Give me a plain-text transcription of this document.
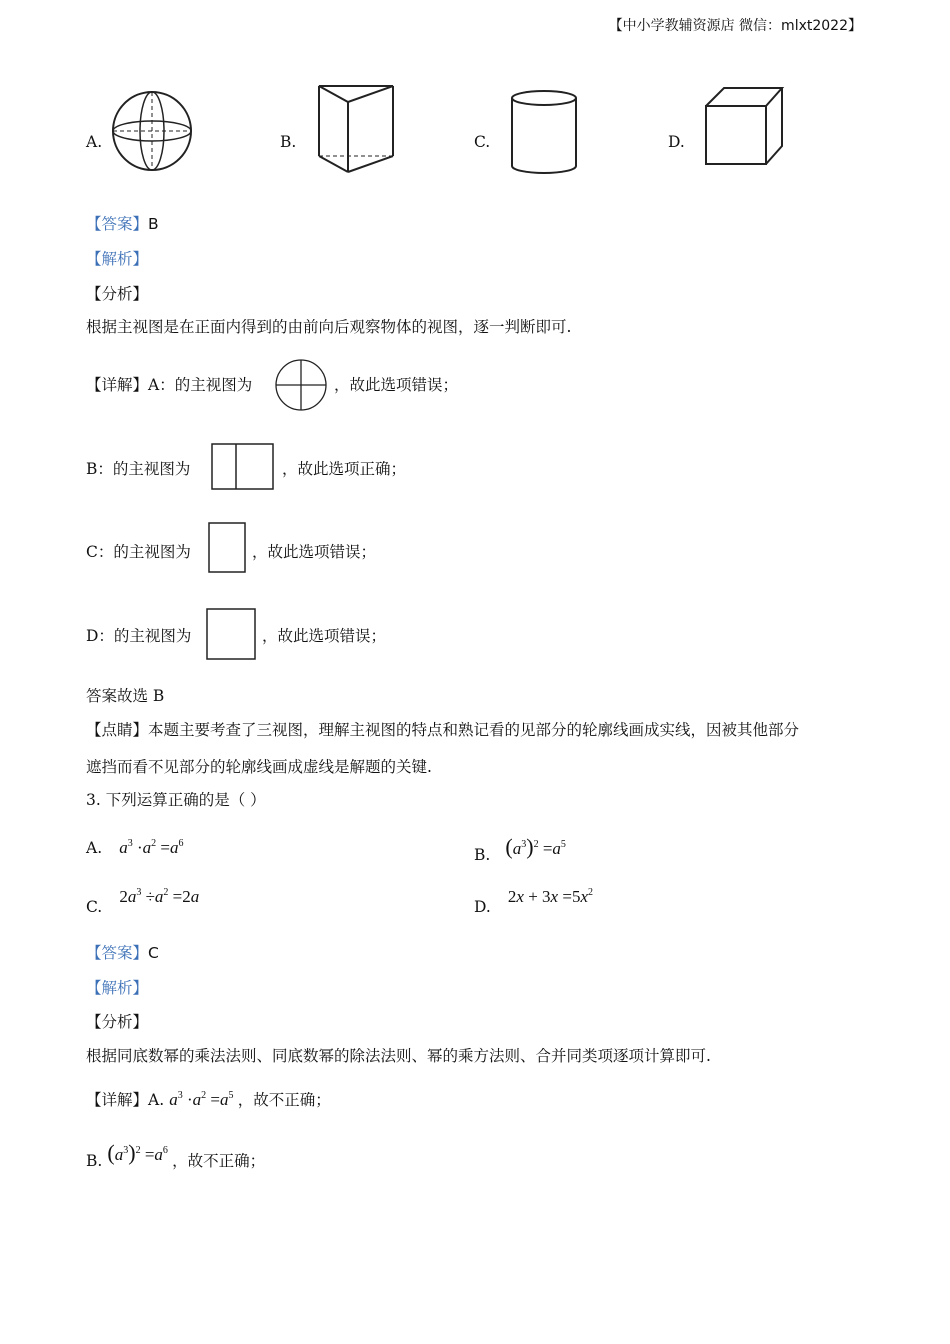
【中小学教辅资源店 微信：mlxt2022】
A.	B.	C.	D.
【答案】B
【解析】
【分析】
根据主视图是在正面内得到的由前向后观察物体的视图，逐一判断即可.
【详解】A：的主视图为	，故此选项错误；
B：的主视图为	，故此选项正确；
C：的主视图为	，故此选项错误；
D：的主视图为	，故此选项错误；
答案故选 B
【点睛】本题主要考查了三视图，理解主视图的特点和熟记看的见部分的轮廓线画成实线，因被其他部分
遮挡而看不见部分的轮廓线画成虚线是解题的关键.
3. 下列运算正确的是（ ）
A. $a^3 \cdot a^2 =a^6$
B. $(a^3)^2 =a^5$
C. $2a^3 \div a^2 =2a$
D. $2x + 3x =5x^2$
【答案】C
【解析】
【分析】
根据同底数幂的乘法法则、同底数幂的除法法则、幂的乘方法则、合并同类项逐项计算即可.
【详解】A. $a^3 \cdot a^2 =a^5$ ，故不正确；
B. $(a^3)^2 =a^6$ ，故不正确；
